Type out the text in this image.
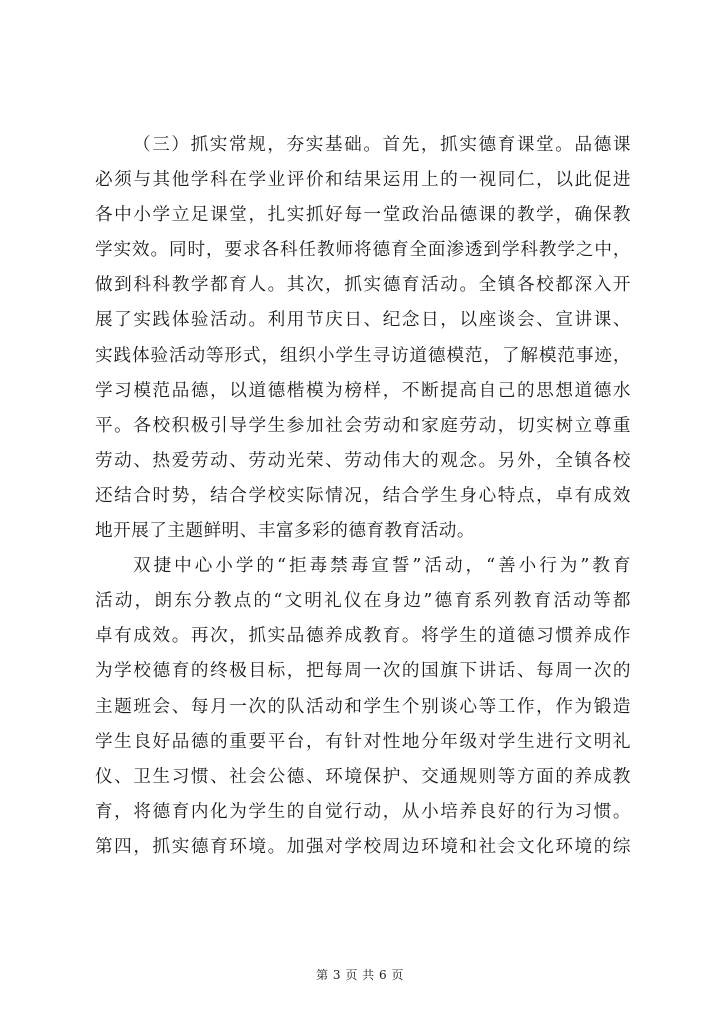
（三）抓实常规，夯实基础。首先，抓实德育课堂。品德课
必须与其他学科在学业评价和结果运用上的一视同仁，以此促进
各中小学立足课堂，扎实抓好每一堂政治品德课的教学，确保教
学实效。同时，要求各科任教师将德育全面渗透到学科教学之中，
做到科科教学都育人。其次，抓实德育活动。全镇各校都深入开
展了实践体验活动。利用节庆日、纪念日，以座谈会、宣讲课、
实践体验活动等形式，组织小学生寻访道德模范，了解模范事迹，
学习模范品德，以道德楷模为榜样，不断提高自己的思想道德水
平。各校积极引导学生参加社会劳动和家庭劳动，切实树立尊重
劳动、热爱劳动、劳动光荣、劳动伟大的观念。另外，全镇各校
还结合时势，结合学校实际情况，结合学生身心特点，卓有成效
地开展了主题鲜明、丰富多彩的德育教育活动。
双捷中心小学的“拒毒禁毒宣誓”活动，“善小行为”教育
活动，朗东分教点的“文明礼仪在身边”德育系列教育活动等都
卓有成效。再次，抓实品德养成教育。将学生的道德习惯养成作
为学校德育的终极目标，把每周一次的国旗下讲话、每周一次的
主题班会、每月一次的队活动和学生个别谈心等工作，作为锻造
学生良好品德的重要平台，有针对性地分年级对学生进行文明礼
仪、卫生习惯、社会公德、环境保护、交通规则等方面的养成教
育，将德育内化为学生的自觉行动，从小培养良好的行为习惯。
第四，抓实德育环境。加强对学校周边环境和社会文化环境的综
第 3 页 共 6 页
